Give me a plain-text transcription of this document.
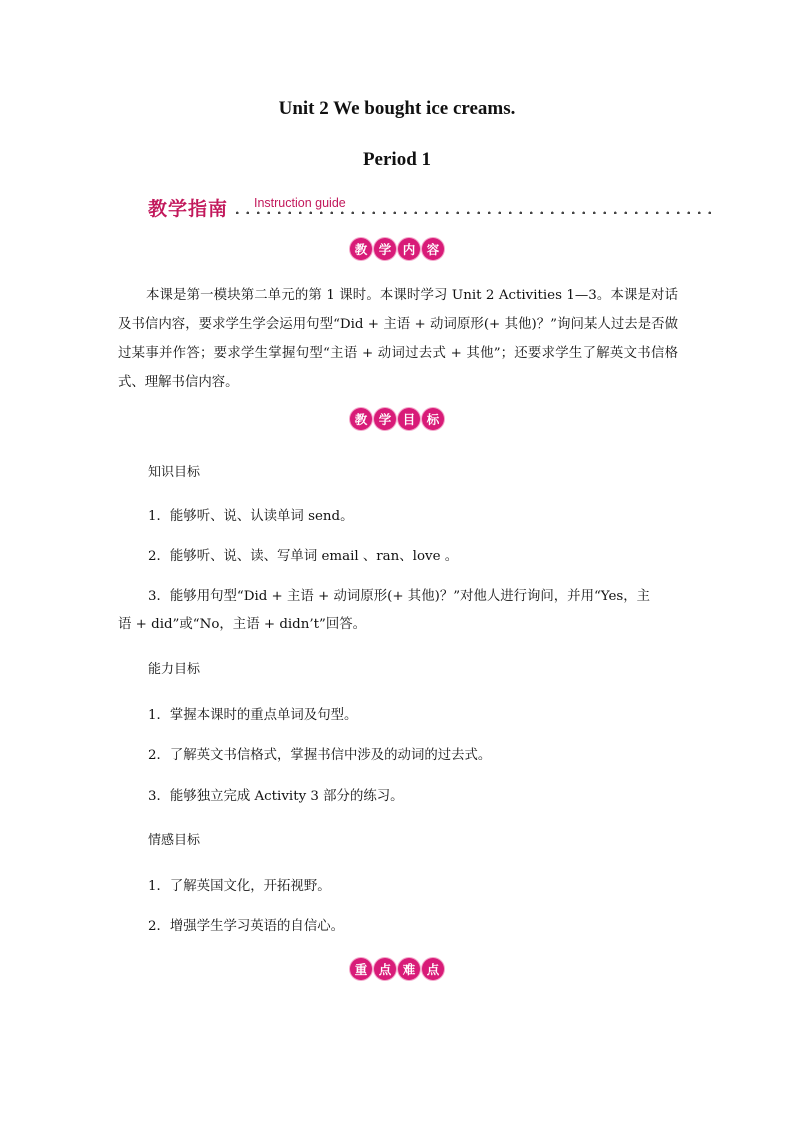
Unit 2 We bought ice creams.
Period 1
教学指南 Instruction guide
教 学 内 容
本课是第一模块第二单元的第 1 课时。本课时学习 Unit 2 Activities 1—3。本课是对话及书信内容，要求学生学会运用句型“Did + 主语 + 动词原形(+ 其他)？”询问某人过去是否做过某事并作答；要求学生掌握句型“主语 + 动词过去式 + 其他”；还要求学生了解英文书信格式、理解书信内容。
教 学 目 标
知识目标
1．能够听、说、认读单词 send。
2．能够听、说、读、写单词 email 、ran、love 。
3．能够用句型“Did + 主语 + 动词原形(+ 其他)？”对他人进行询问，并用“Yes，主
语 + did”或“No，主语 + didn’t”回答。
能力目标
1．掌握本课时的重点单词及句型。
2．了解英文书信格式，掌握书信中涉及的动词的过去式。
3．能够独立完成 Activity 3 部分的练习。
情感目标
1．了解英国文化，开拓视野。
2．增强学生学习英语的自信心。
重 点 难 点
